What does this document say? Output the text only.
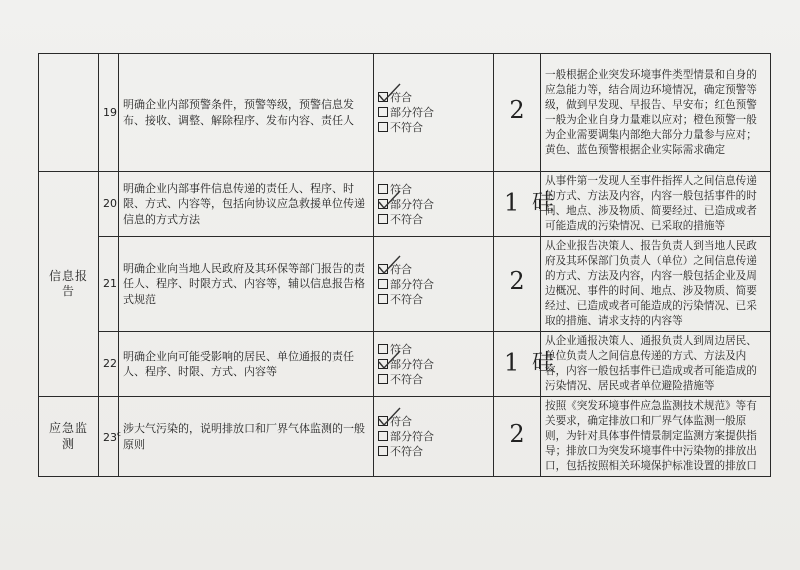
	19	明确企业内部预警条件，预警等级，预警信息发布、接收、调整、解除程序、发布内容、责任人	符合
部分符合
不符合	2	一般根据企业突发环境事件类型情景和自身的应急能力等，结合周边环境情况，确定预警等级，做到早发现、早报告、早安布；红色预警一般为企业自身力量难以应对；橙色预警一般为企业需要调集内部绝大部分力量参与应对；黄色、蓝色预警根据企业实际需求确定
信息报告	20	明确企业内部事件信息传递的责任人、程序、时限、方式、内容等，包括向协议应急救援单位传递信息的方式方法	符合
部分符合
不符合	1 硅	从事件第一发现人至事件指挥人之间信息传递的方式、方法及内容，内容一般包括事件的时间、地点、涉及物质、简要经过、已造成或者可能造成的污染情况、已采取的措施等
	21	明确企业向当地人民政府及其环保等部门报告的责任人、程序、时限方式、内容等，辅以信息报告格式规范	符合
部分符合
不符合	2	从企业报告决策人、报告负责人到当地人民政府及其环保部门负责人（单位）之间信息传递的方式、方法及内容，内容一般包括企业及周边概况、事件的时间、地点、涉及物质、简要经过、已造成或者可能造成的污染情况、已采取的措施、请求支持的内容等
	22	明确企业向可能受影响的居民、单位通报的责任人、程序、时限、方式、内容等	符合
部分符合
不符合	1 硅	从企业通报决策人、通报负责人到周边居民、单位负责人之间信息传递的方式、方法及内容，内容一般包括事件已造成或者可能造成的污染情况、居民或者单位避险措施等
应急监测	23$^c$	涉大气污染的，说明排放口和厂界气体监测的一般原则	符合
部分符合
不符合	2	按照《突发环境事件应急监测技术规范》等有关要求，确定排放口和厂界气体监测一般原则，为针对具体事件情景制定监测方案提供指导；排放口为突发环境事件中污染物的排放出口，包括按照相关环境保护标准设置的排放口
